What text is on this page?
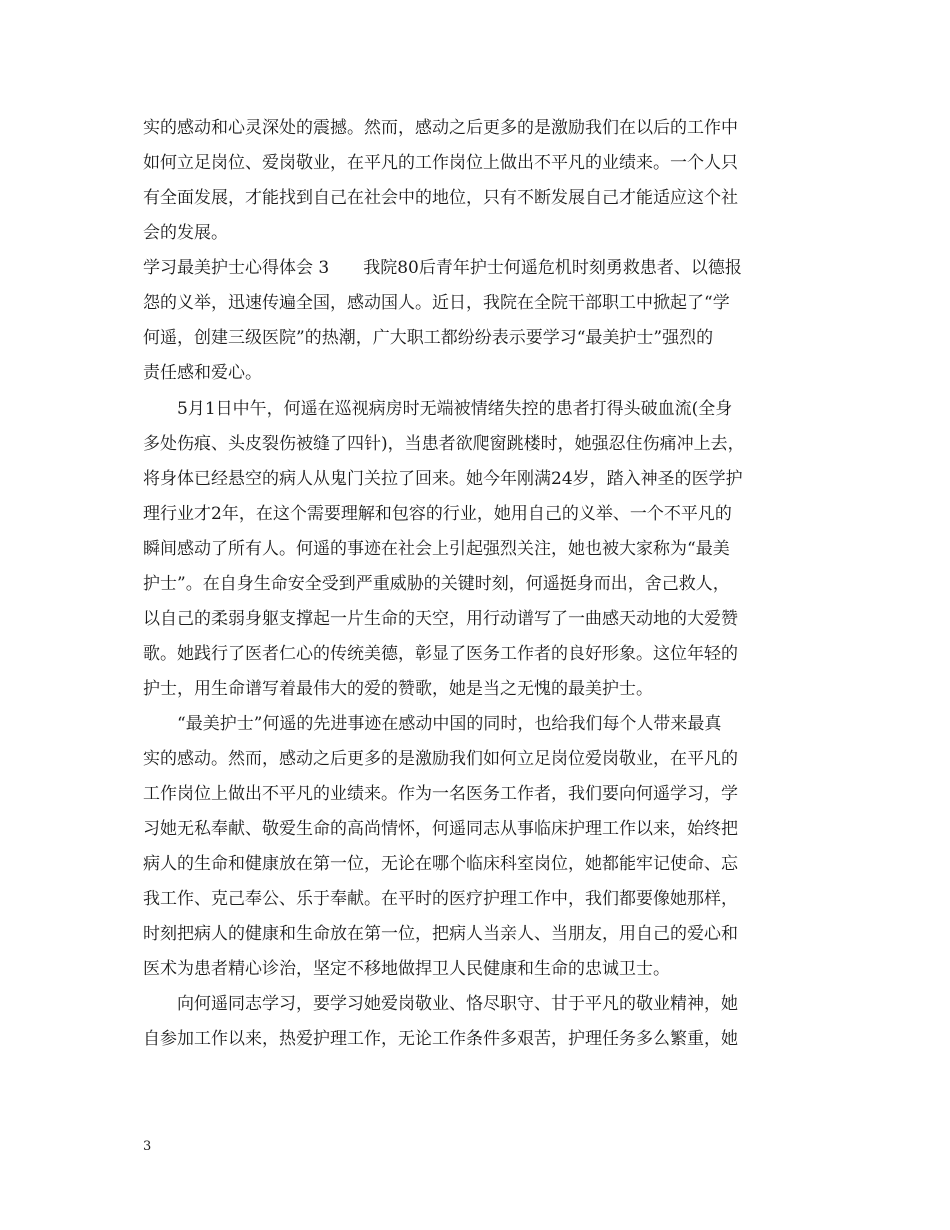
实的感动和心灵深处的震撼。然而，感动之后更多的是激励我们在以后的工作中
如何立足岗位、爱岗敬业，在平凡的工作岗位上做出不平凡的业绩来。一个人只
有全面发展，才能找到自己在社会中的地位，只有不断发展自己才能适应这个社
会的发展。
学习最美护士心得体会 3　　我院80后青年护士何遥危机时刻勇救患者、以德报
怨的义举，迅速传遍全国，感动国人。近日，我院在全院干部职工中掀起了“学
何遥，创建三级医院”的热潮，广大职工都纷纷表示要学习“最美护士”强烈的
责任感和爱心。
　　5月1日中午，何遥在巡视病房时无端被情绪失控的患者打得头破血流(全身
多处伤痕、头皮裂伤被缝了四针)，当患者欲爬窗跳楼时，她强忍住伤痛冲上去，
将身体已经悬空的病人从鬼门关拉了回来。她今年刚满24岁，踏入神圣的医学护
理行业才2年，在这个需要理解和包容的行业，她用自己的义举、一个不平凡的
瞬间感动了所有人。何遥的事迹在社会上引起强烈关注，她也被大家称为“最美
护士”。在自身生命安全受到严重威胁的关键时刻，何遥挺身而出，舍己救人，
以自己的柔弱身躯支撑起一片生命的天空，用行动谱写了一曲感天动地的大爱赞
歌。她践行了医者仁心的传统美德，彰显了医务工作者的良好形象。这位年轻的
护士，用生命谱写着最伟大的爱的赞歌，她是当之无愧的最美护士。
　　“最美护士”何遥的先进事迹在感动中国的同时，也给我们每个人带来最真
实的感动。然而，感动之后更多的是激励我们如何立足岗位爱岗敬业，在平凡的
工作岗位上做出不平凡的业绩来。作为一名医务工作者，我们要向何遥学习，学
习她无私奉献、敬爱生命的高尚情怀，何遥同志从事临床护理工作以来，始终把
病人的生命和健康放在第一位，无论在哪个临床科室岗位，她都能牢记使命、忘
我工作、克己奉公、乐于奉献。在平时的医疗护理工作中，我们都要像她那样，
时刻把病人的健康和生命放在第一位，把病人当亲人、当朋友，用自己的爱心和
医术为患者精心诊治，坚定不移地做捍卫人民健康和生命的忠诚卫士。
　　向何遥同志学习，要学习她爱岗敬业、恪尽职守、甘于平凡的敬业精神，她
自参加工作以来，热爱护理工作，无论工作条件多艰苦，护理任务多么繁重，她
3
